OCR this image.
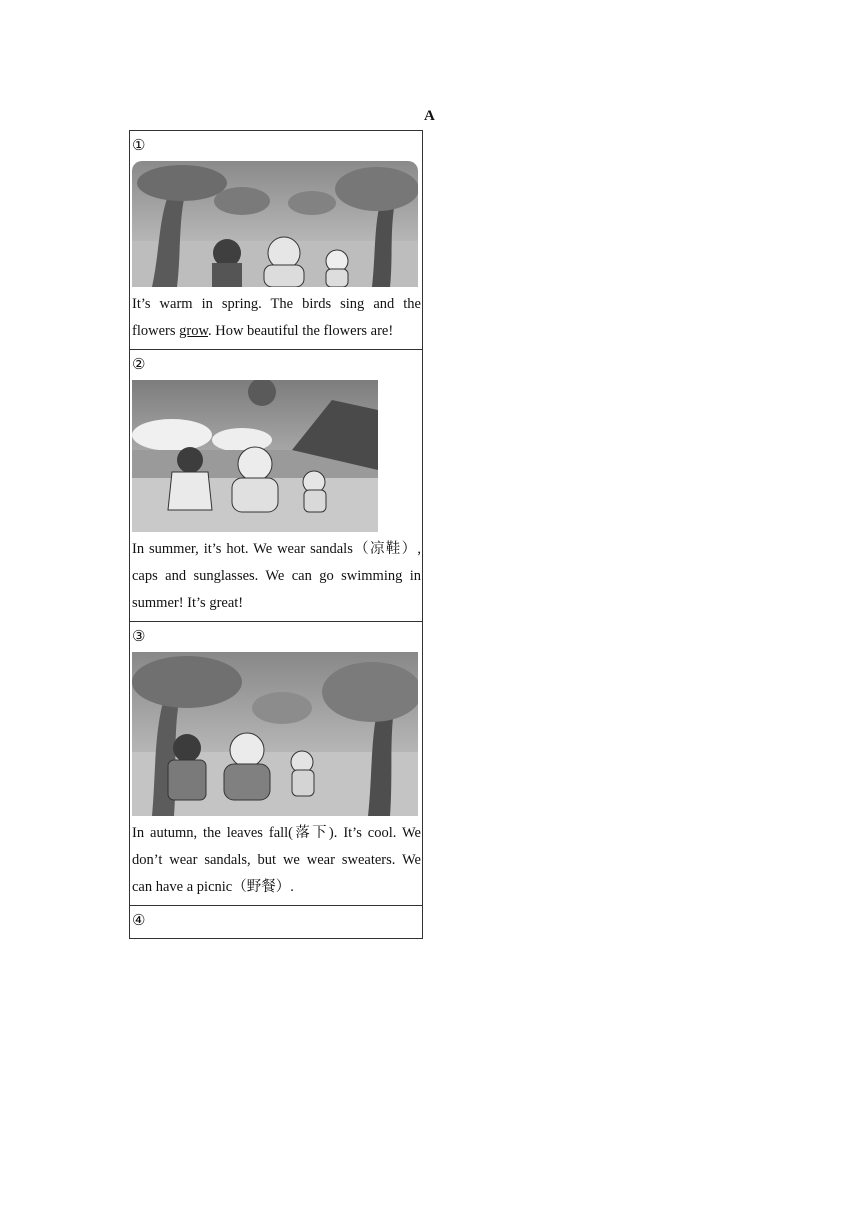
A
①
It’s warm in spring. The birds sing and the flowers grow. How beautiful the flowers are!

②
In summer, it’s hot. We wear sandals（凉鞋）, caps and sunglasses. We can go swimming in summer! It’s great!

③
In autumn, the leaves fall(落下). It’s cool. We don’t wear sandals, but we wear sweaters. We can have a picnic（野餐）.

④
